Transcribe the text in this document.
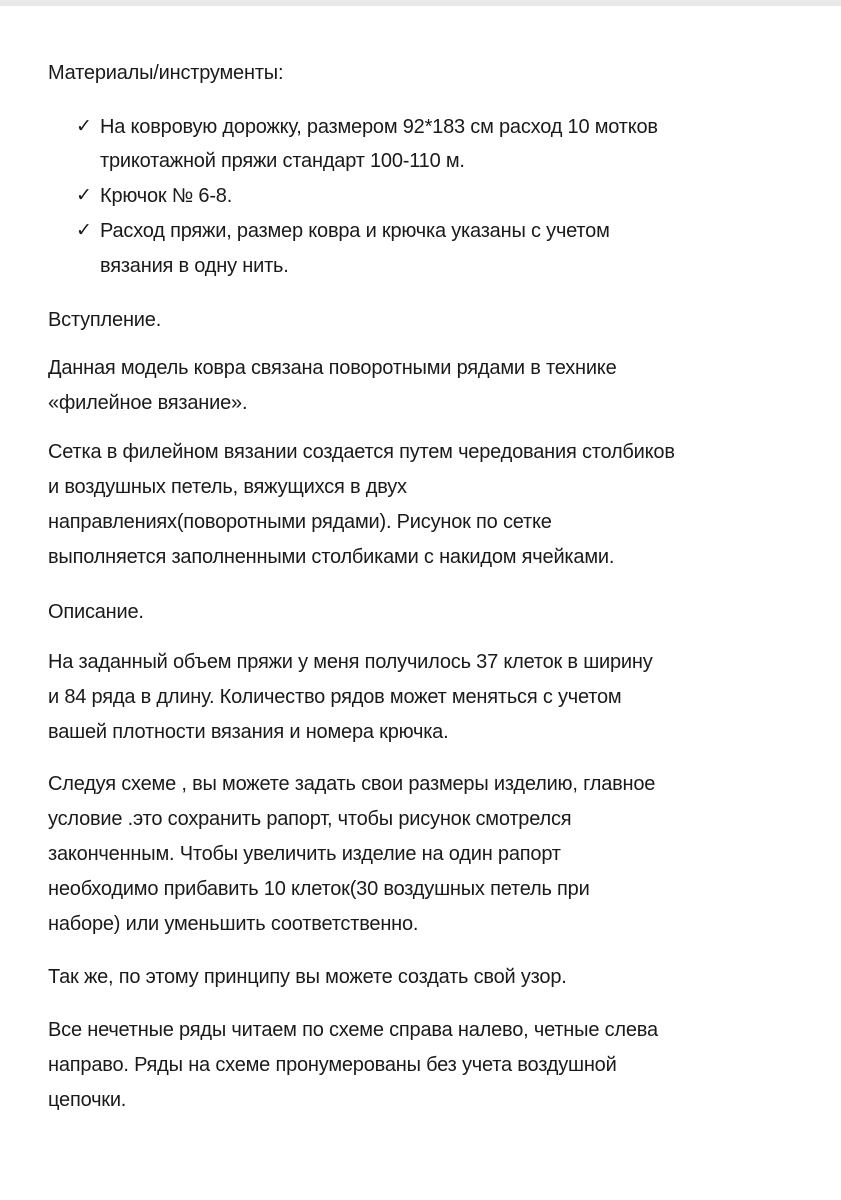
Материалы/инструменты:
✓ На ковровую дорожку, размером 92*183 см расход 10 мотков
трикотажной пряжи стандарт 100-110 м.
✓ Крючок № 6-8.
✓ Расход пряжи, размер ковра и крючка указаны с учетом
вязания в одну нить.
Вступление.
Данная модель ковра связана поворотными рядами в технике
«филейное вязание».
Сетка в филейном вязании создается путем чередования столбиков
и воздушных петель, вяжущихся в двух
направлениях(поворотными рядами). Рисунок по сетке
выполняется заполненными столбиками с накидом ячейками.
Описание.
На заданный объем пряжи у меня получилось 37 клеток в ширину
и 84 ряда в длину. Количество рядов может меняться с учетом
вашей плотности вязания и номера крючка.
Следуя схеме , вы можете задать свои размеры изделию, главное
условие .это сохранить рапорт, чтобы рисунок смотрелся
законченным. Чтобы увеличить изделие на один рапорт
необходимо прибавить 10 клеток(30 воздушных петель при
наборе) или уменьшить соответственно.
Так же, по этому принципу вы можете создать свой узор.
Все нечетные ряды читаем по схеме справа налево, четные слева
направо. Ряды на схеме пронумерованы без учета воздушной
цепочки.
